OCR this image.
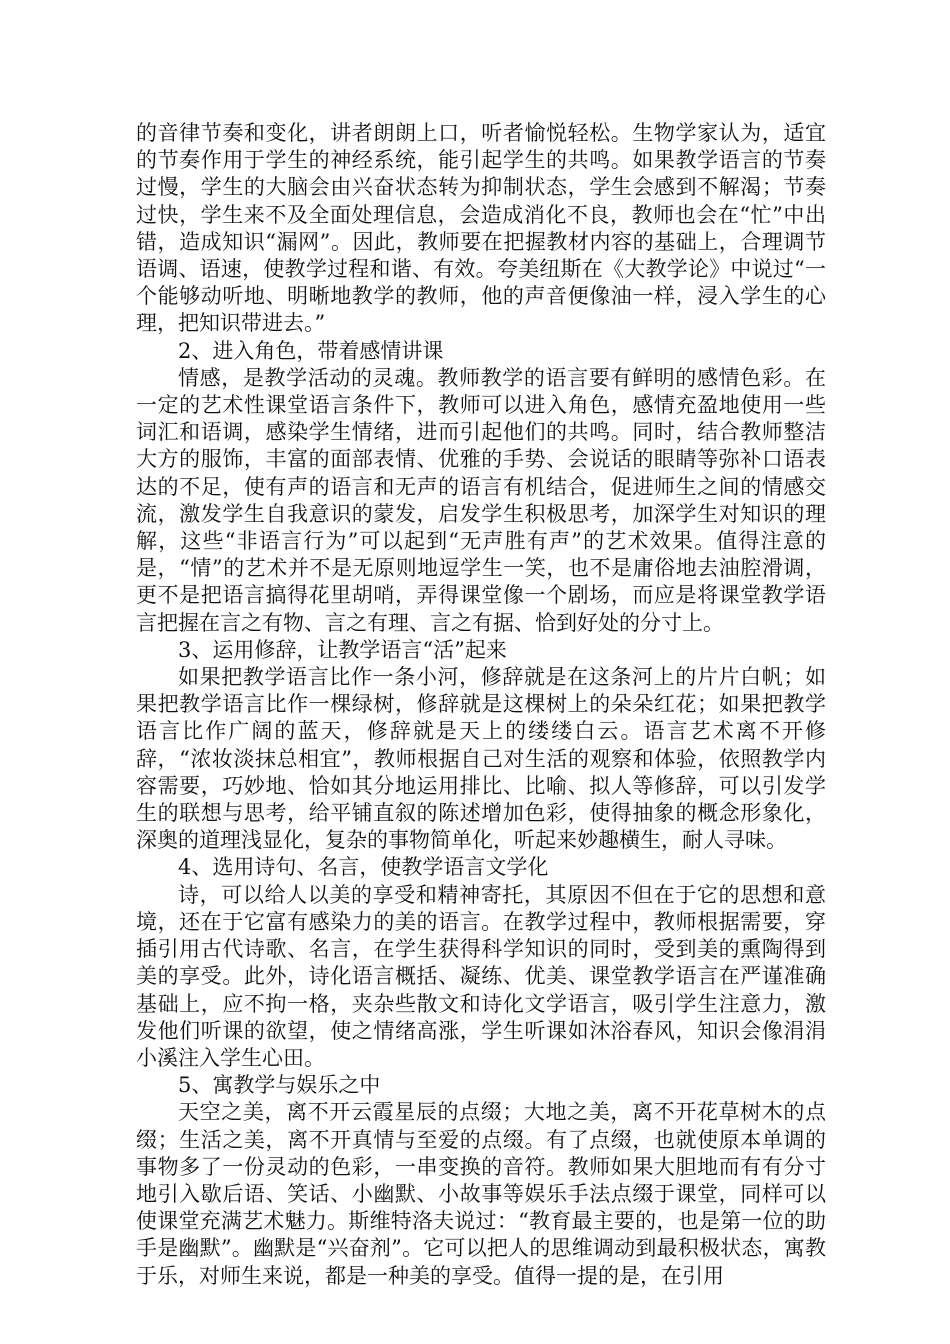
的音律节奏和变化，讲者朗朗上口，听者愉悦轻松。生物学家认为，适宜的节奏作用于学生的神经系统，能引起学生的共鸣。如果教学语言的节奏过慢，学生的大脑会由兴奋状态转为抑制状态，学生会感到不解渴；节奏过快，学生来不及全面处理信息，会造成消化不良，教师也会在“忙”中出错，造成知识“漏网”。因此，教师要在把握教材内容的基础上，合理调节语调、语速，使教学过程和谐、有效。夸美纽斯在《大教学论》中说过“一个能够动听地、明晰地教学的教师，他的声音便像油一样，浸入学生的心理，把知识带进去。”

2、进入角色，带着感情讲课

情感，是教学活动的灵魂。教师教学的语言要有鲜明的感情色彩。在一定的艺术性课堂语言条件下，教师可以进入角色，感情充盈地使用一些词汇和语调，感染学生情绪，进而引起他们的共鸣。同时，结合教师整洁大方的服饰，丰富的面部表情、优雅的手势、会说话的眼睛等弥补口语表达的不足，使有声的语言和无声的语言有机结合，促进师生之间的情感交流，激发学生自我意识的蒙发，启发学生积极思考，加深学生对知识的理解，这些“非语言行为”可以起到“无声胜有声”的艺术效果。值得注意的是，“情”的艺术并不是无原则地逗学生一笑，也不是庸俗地去油腔滑调，更不是把语言搞得花里胡哨，弄得课堂像一个剧场，而应是将课堂教学语言把握在言之有物、言之有理、言之有据、恰到好处的分寸上。

3、运用修辞，让教学语言“活”起来

如果把教学语言比作一条小河，修辞就是在这条河上的片片白帆；如果把教学语言比作一棵绿树，修辞就是这棵树上的朵朵红花；如果把教学语言比作广阔的蓝天，修辞就是天上的缕缕白云。语言艺术离不开修辞，“浓妆淡抹总相宜”，教师根据自己对生活的观察和体验，依照教学内容需要，巧妙地、恰如其分地运用排比、比喻、拟人等修辞，可以引发学生的联想与思考，给平铺直叙的陈述增加色彩，使得抽象的概念形象化，深奥的道理浅显化，复杂的事物简单化，听起来妙趣横生，耐人寻味。

4、选用诗句、名言，使教学语言文学化

诗，可以给人以美的享受和精神寄托，其原因不但在于它的思想和意境，还在于它富有感染力的美的语言。在教学过程中，教师根据需要，穿插引用古代诗歌、名言，在学生获得科学知识的同时，受到美的熏陶得到美的享受。此外，诗化语言概括、凝练、优美、课堂教学语言在严谨准确基础上，应不拘一格，夹杂些散文和诗化文学语言，吸引学生注意力，激发他们听课的欲望，使之情绪高涨，学生听课如沐浴春风，知识会像涓涓小溪注入学生心田。

5、寓教学与娱乐之中

天空之美，离不开云霞星辰的点缀；大地之美，离不开花草树木的点缀；生活之美，离不开真情与至爱的点缀。有了点缀，也就使原本单调的事物多了一份灵动的色彩，一串变换的音符。教师如果大胆地而有有分寸地引入歇后语、笑话、小幽默、小故事等娱乐手法点缀于课堂，同样可以使课堂充满艺术魅力。斯维特洛夫说过：“教育最主要的，也是第一位的助手是幽默”。幽默是“兴奋剂”。它可以把人的思维调动到最积极状态，寓教于乐，对师生来说，都是一种美的享受。值得一提的是，在引用
